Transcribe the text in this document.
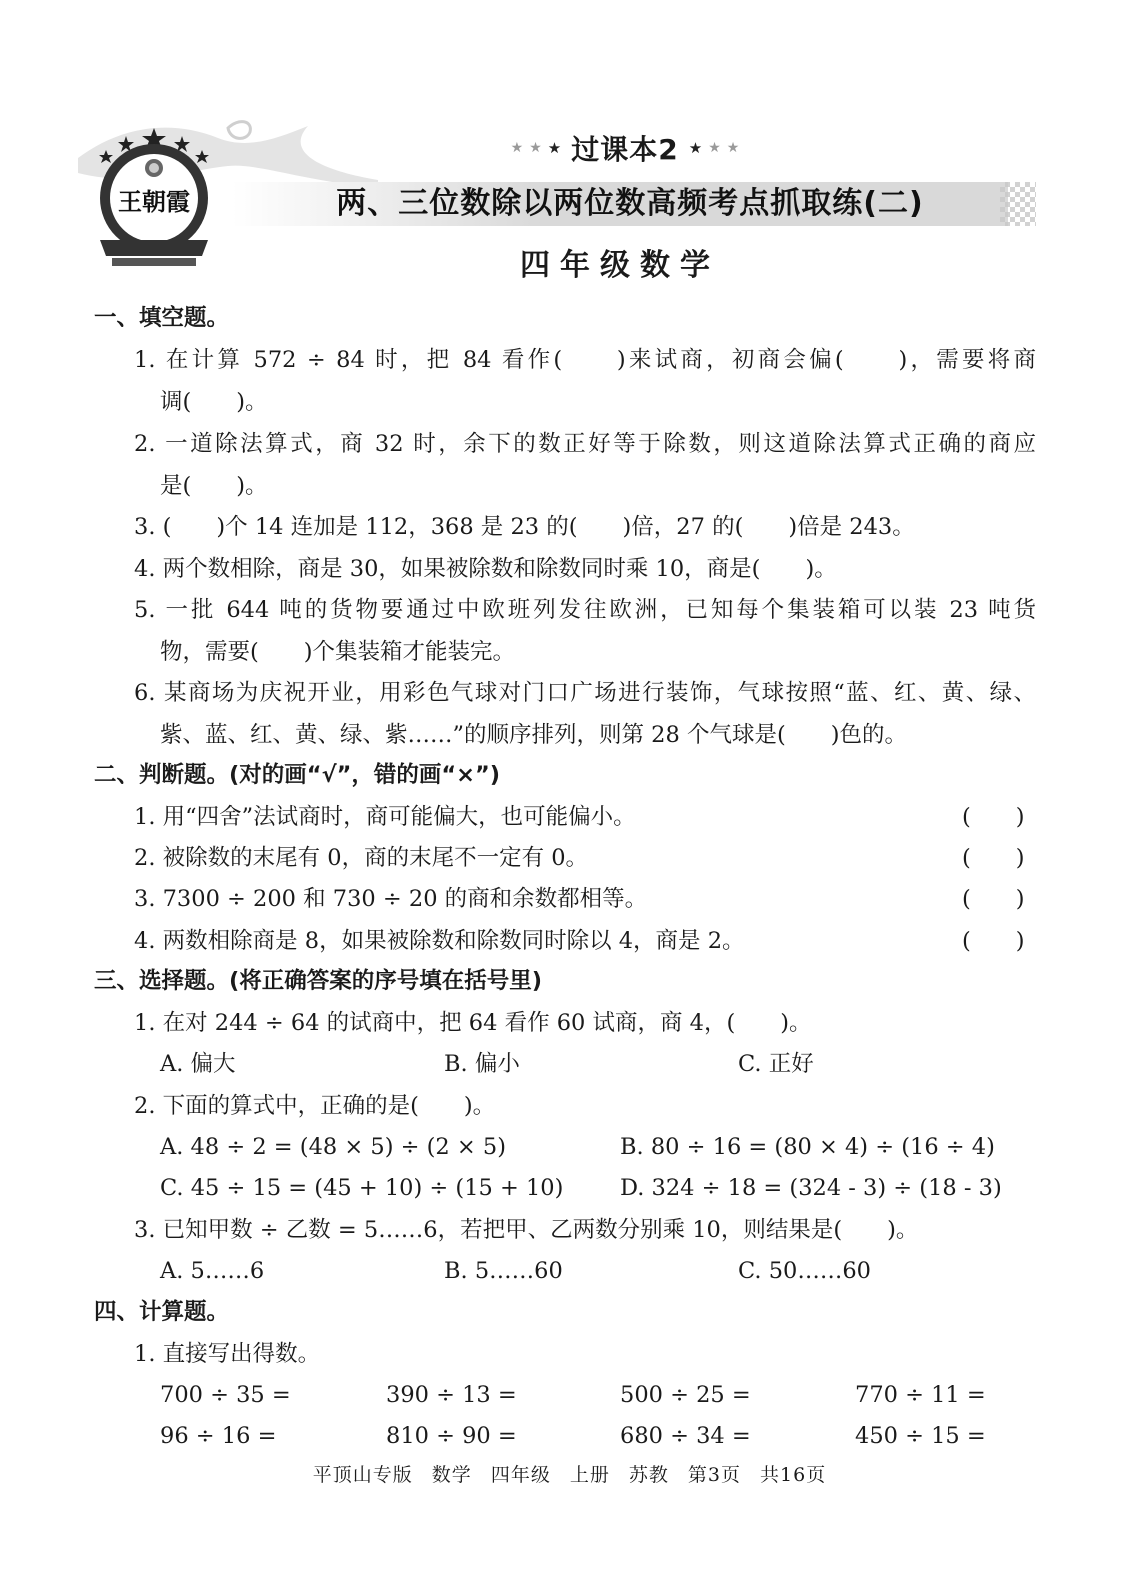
王朝霞
★ ★ ★ 过课本2 ★ ★ ★
两、三位数除以两位数高频考点抓取练(二)
四年级数学
一、填空题。
1. 在计算 572 ÷ 84 时，把 84 看作(　　)来试商，初商会偏(　　)，需要将商
调(　　)。
2. 一道除法算式，商 32 时，余下的数正好等于除数，则这道除法算式正确的商应
是(　　)。
3. (　　)个 14 连加是 112，368 是 23 的(　　)倍，27 的(　　)倍是 243。
4. 两个数相除，商是 30，如果被除数和除数同时乘 10，商是(　　)。
5. 一批 644 吨的货物要通过中欧班列发往欧洲，已知每个集装箱可以装 23 吨货
物，需要(　　)个集装箱才能装完。
6. 某商场为庆祝开业，用彩色气球对门口广场进行装饰，气球按照“蓝、红、黄、绿、
紫、蓝、红、黄、绿、紫……”的顺序排列，则第 28 个气球是(　　)色的。
二、判断题。(对的画“√”，错的画“×”)
1. 用“四舍”法试商时，商可能偏大，也可能偏小。	(　　)
2. 被除数的末尾有 0，商的末尾不一定有 0。	(　　)
3. 7300 ÷ 200 和 730 ÷ 20 的商和余数都相等。	(　　)
4. 两数相除商是 8，如果被除数和除数同时除以 4，商是 2。	(　　)
三、选择题。(将正确答案的序号填在括号里)
1. 在对 244 ÷ 64 的试商中，把 64 看作 60 试商，商 4，(　　)。
A. 偏大	B. 偏小	C. 正好
2. 下面的算式中，正确的是(　　)。
A. 48 ÷ 2 = (48 × 5) ÷ (2 × 5)	B. 80 ÷ 16 = (80 × 4) ÷ (16 ÷ 4)
C. 45 ÷ 15 = (45 + 10) ÷ (15 + 10)	D. 324 ÷ 18 = (324 - 3) ÷ (18 - 3)
3. 已知甲数 ÷ 乙数 = 5……6，若把甲、乙两数分别乘 10，则结果是(　　)。
A. 5……6	B. 5……60	C. 50……60
四、计算题。
1. 直接写出得数。
700 ÷ 35 =	390 ÷ 13 =	500 ÷ 25 =	770 ÷ 11 =
96 ÷ 16 =	810 ÷ 90 =	680 ÷ 34 =	450 ÷ 15 =
平顶山专版 数学 四年级 上册 苏教 第3页 共16页
